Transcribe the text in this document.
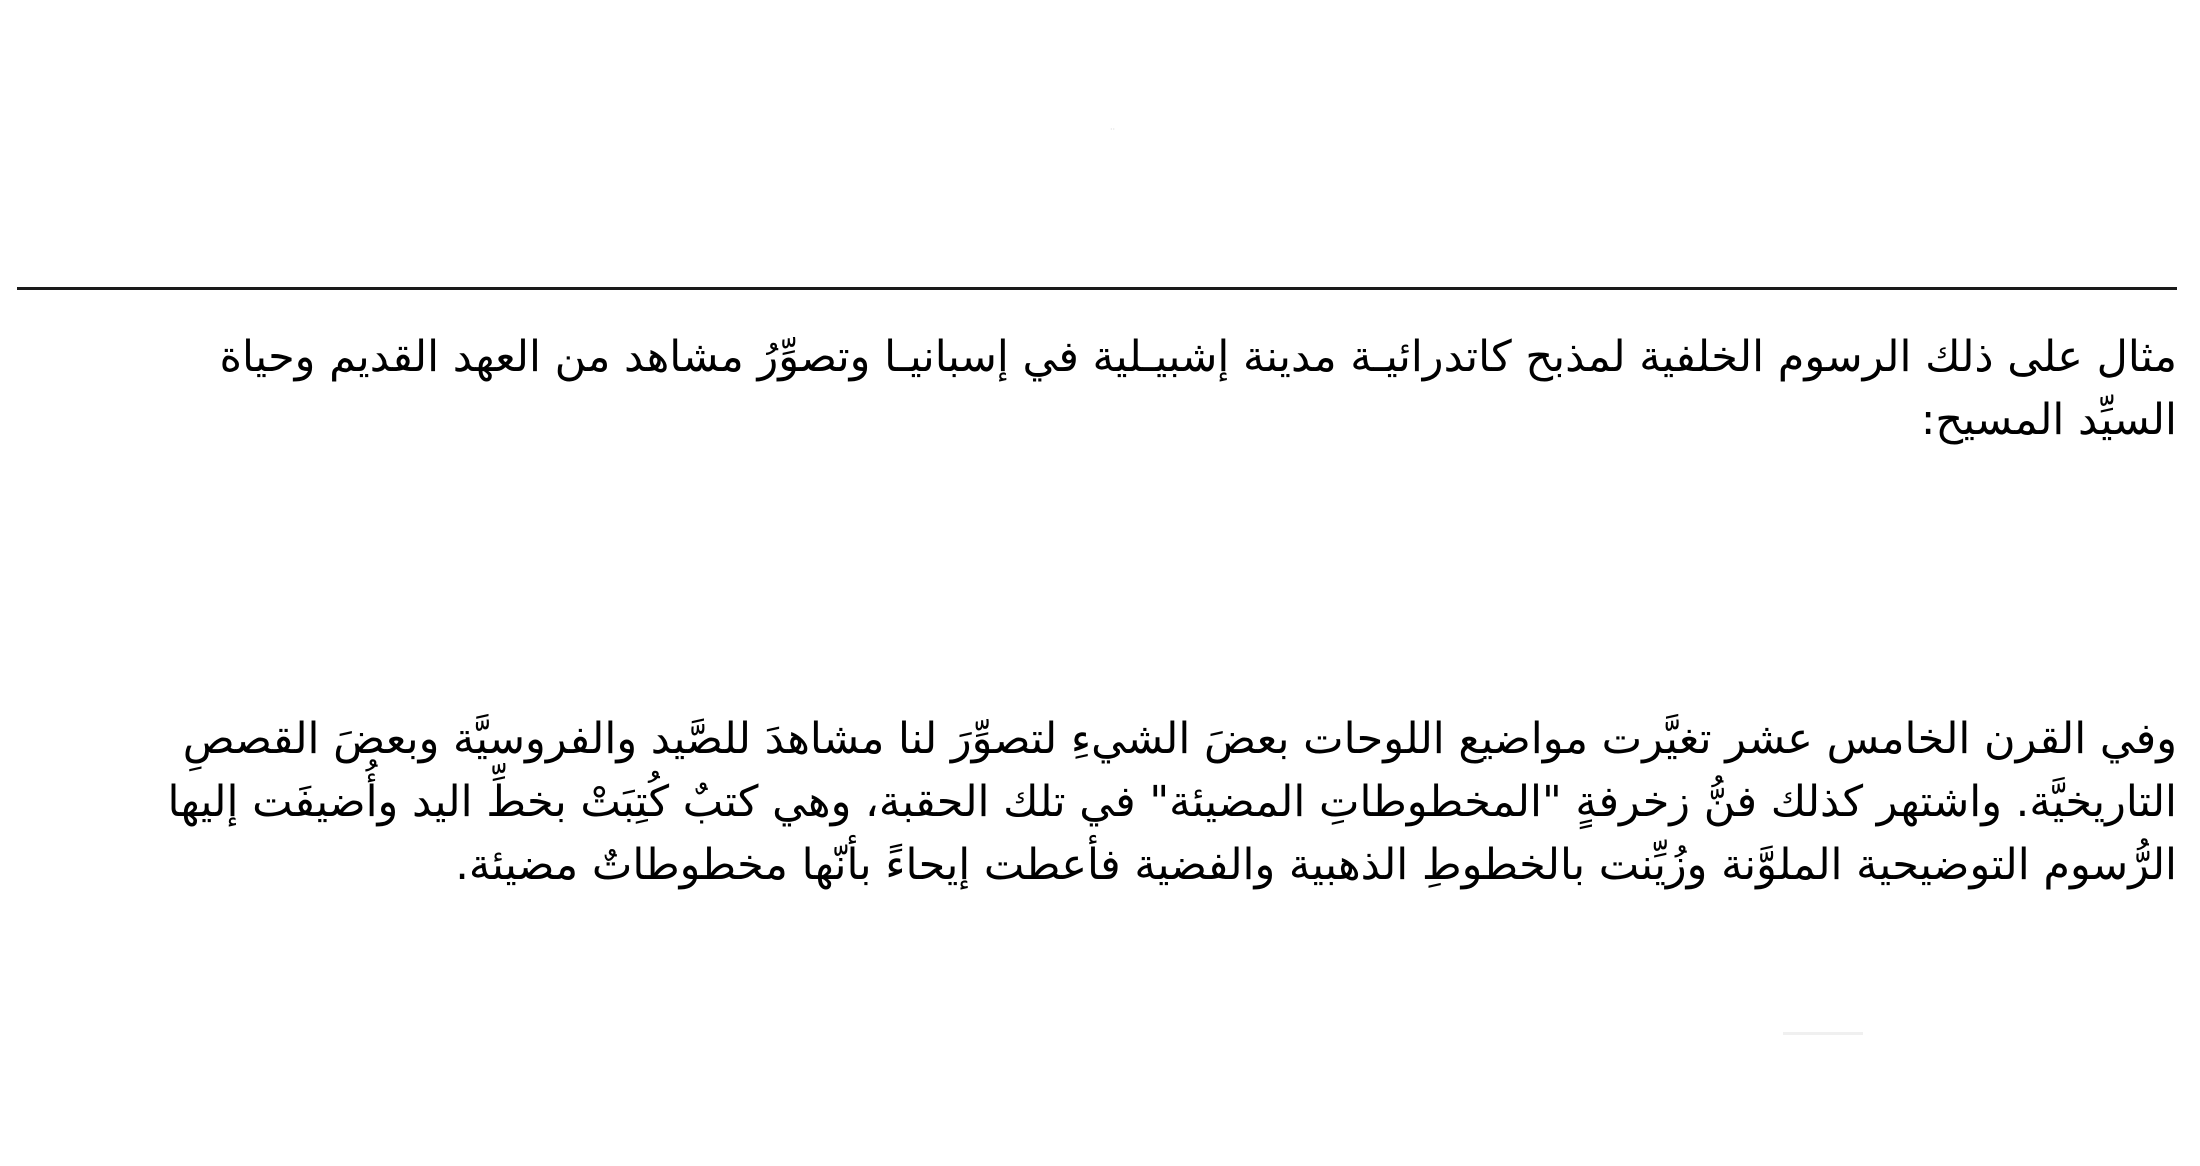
··

مثال على ذلك الرسوم الخلفية لمذبح كاتدرائيـة مدينة إشبيـلية في إسبانيـا وتصوِّرُ مشاهد من العهد القديم وحياة السيِّد المسيح:

وفي القرن الخامس عشر تغيَّرت مواضيع اللوحات بعضَ الشيءِ لتصوِّرَ لنا مشاهدَ للصَّيد والفروسيَّة وبعضَ القصصِ التاريخيَّة. واشتهر كذلك فنُّ زخرفةٍ "المخطوطاتِ المضيئة" في تلك الحقبة، وهي كتبٌ كُتِبَتْ بخطِّ اليد وأُضيفَت إليها الرُّسوم التوضيحية الملوَّنة وزُيِّنت بالخطوطِ الذهبية والفضية فأعطت إيحاءً بأنّها مخطوطاتٌ مضيئة.
